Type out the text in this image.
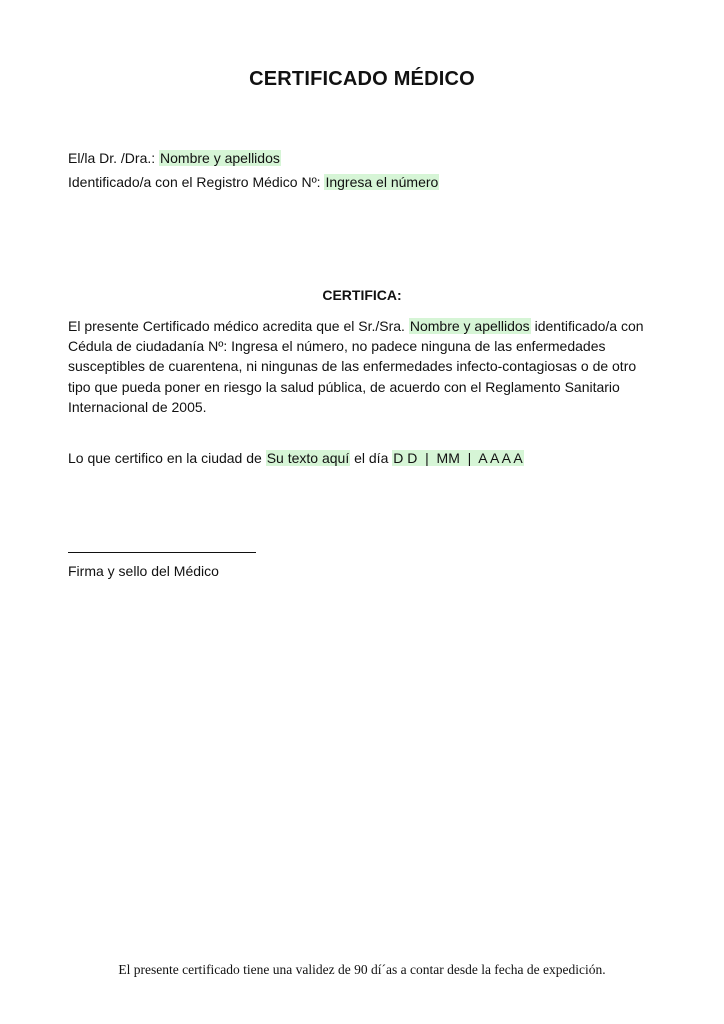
CERTIFICADO MÉDICO
El/la Dr. /Dra.: Nombre y apellidos
Identificado/a con el Registro Médico Nº: Ingresa el número
CERTIFICA:
El presente Certificado médico acredita que el Sr./Sra. Nombre y apellidos identificado/a con Cédula de ciudadanía Nº: Ingresa el número, no padece ninguna de las enfermedades susceptibles de cuarentena, ni ningunas de las enfermedades infecto-contagiosas o de otro tipo que pueda poner en riesgo la salud pública, de acuerdo con el Reglamento Sanitario Internacional de 2005.
Lo que certifico en la ciudad de Su texto aquí el día D D  |  MM  |  A A A A
Firma y sello del Médico
El presente certificado tiene una validez de 90 dí´as a contar desde la fecha de expedición.
